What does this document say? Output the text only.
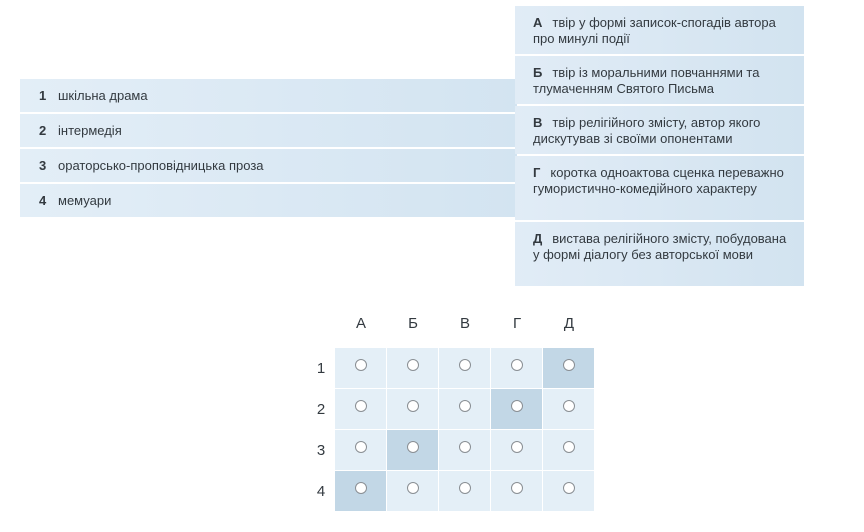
1 шкільна драма
2 інтермедія
3 ораторсько-проповідницька проза
4 мемуари
А твір у формі записок-спогадів автора про минулі події
Б твір із моральними повчаннями та тлумаченням Святого Письма
В твір релігійного змісту, автор якого дискутував зі своїми опонентами
Г коротка одноактова сценка переважно гумористично-комедійного характеру
Д вистава релігійного змісту, побудована у формі діалогу без авторської мови
А	Б	В	Г	Д
1
2
3
4
